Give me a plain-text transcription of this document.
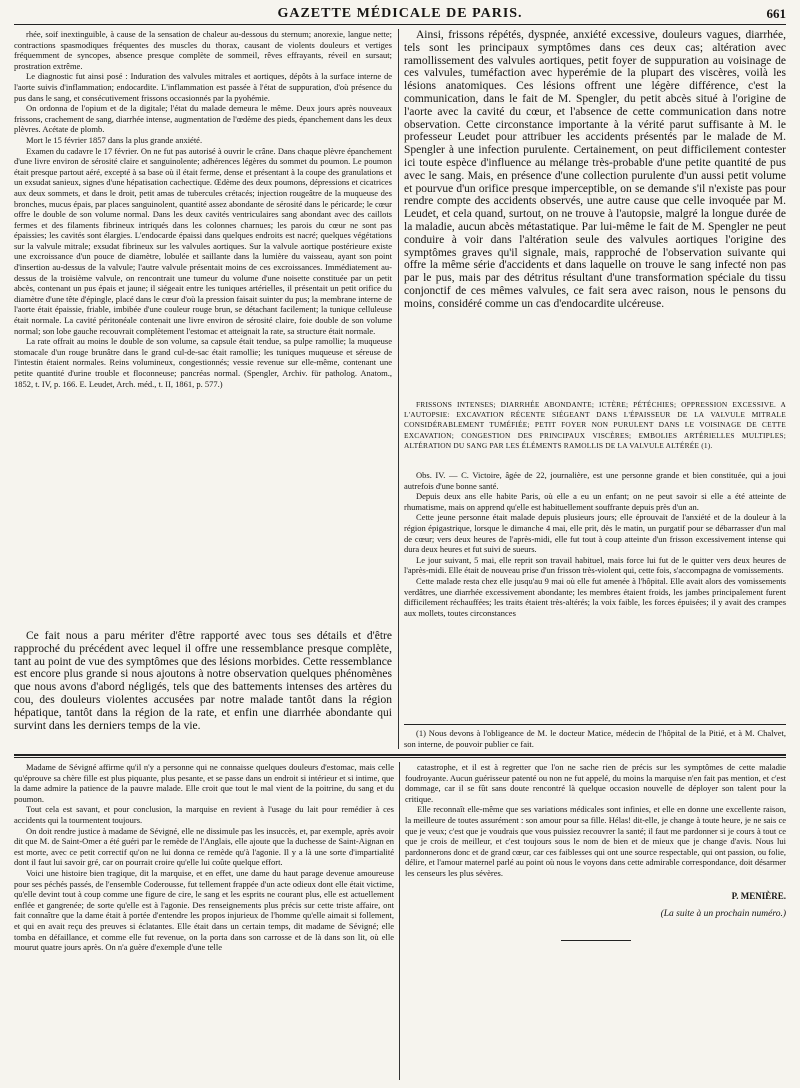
GAZETTE MÉDICALE DE PARIS.	661

rhée, soif inextinguible, à cause de la sensation de chaleur au-dessous du sternum; anorexie, langue nette; contractions spasmodiques fréquentes des muscles du thorax, causant de violents douleurs et vertiges fréquemment de syncopes, absence presque complète de sommeil, rêves effrayants, réveil en sursaut; prostration extrême.

Le diagnostic fut ainsi posé : Induration des valvules mitrales et aortiques, dépôts à la surface interne de l'aorte suivis d'inflammation; endocardite. L'inflammation est passée à l'état de suppuration, d'où présence du pus dans le sang, et consécutivement frissons occasionnés par la pyohémie.

On ordonna de l'opium et de la digitale; l'état du malade demeura le même. Deux jours après nouveaux frissons, crachement de sang, diarrhée intense, augmentation de l'œdème des pieds, épanchement dans les deux plèvres. Acétate de plomb.

Mort le 15 février 1857 dans la plus grande anxiété.

Examen du cadavre le 17 février. On ne fut pas autorisé à ouvrir le crâne. Dans chaque plèvre épanchement d'une livre environ de sérosité claire et sanguinolente; adhérences légères du sommet du poumon. Le poumon était presque partout aéré, excepté à sa base où il était ferme, dense et présentant à la coupe des granulations et un exsudat sanieux, signes d'une hépatisation cachectique. Œdème des deux poumons, dépressions et cicatrices aux deux sommets, et dans le droit, petit amas de tubercules crétacés; injection rougeâtre de la muqueuse des bronches, mucus épais, par places sanguinolent, quantité assez abondante de sérosité dans le péricarde; le cœur offre le double de son volume normal. Dans les deux cavités ventriculaires sang abondant avec des caillots fermes et des filaments fibrineux intriqués dans les colonnes charnues; les parois du cœur ne sont pas épaissies; les cavités sont élargies. L'endocarde épaissi dans quelques endroits est nacré; quelques végétations sur la valvule mitrale; exsudat fibrineux sur les valvules aortiques. Sur la valvule aortique postérieure existe une excroissance d'un pouce de diamètre, lobulée et saillante dans la lumière du vaisseau, ayant son point d'insertion au-dessus de la valvule; l'autre valvule présentait moins de ces excroissances. Immédiatement au-dessus de la troisième valvule, on rencontrait une tumeur du volume d'une noisette constituée par un petit abcès, contenant un pus épais et jaune; il siégeait entre les tuniques artérielles, il présentait un petit orifice du diamètre d'une tête d'épingle, placé dans le cœur d'où la pression faisait suinter du pus; la membrane interne de l'aorte était épaissie, friable, imbibée d'une couleur rouge brun, se détachant facilement; la tunique celluleuse était normale. La cavité péritonéale contenait une livre environ de sérosité claire, foie double de son volume normal; son lobe gauche recouvrait complètement l'estomac et atteignait la rate, sa structure était normale.

La rate offrait au moins le double de son volume, sa capsule était tendue, sa pulpe ramollie; la muqueuse stomacale d'un rouge brunâtre dans le grand cul-de-sac était ramollie; les tuniques muqueuse et séreuse de l'intestin étaient normales. Reins volumineux, congestionnés; vessie revenue sur elle-même, contenant une petite quantité d'urine trouble et floconneuse; pancréas normal. (Spengler, Archiv. für patholog. Anatom., 1852, t. IV, p. 166. E. Leudet, Arch. méd., t. II, 1861, p. 577.)

Ce fait nous a paru mériter d'être rapporté avec tous ses détails et d'être rapproché du précédent avec lequel il offre une ressemblance presque complète, tant au point de vue des symptômes que des lésions morbides. Cette ressemblance est encore plus grande si nous ajoutons à notre observation quelques phénomènes que nous avons d'abord négligés, tels que des battements intenses des artères du cou, des douleurs violentes accusées par notre malade tantôt dans la région hépatique, tantôt dans la région de la rate, et enfin une diarrhée abondante qui survint dans les derniers temps de la vie.

Ainsi, frissons répétés, dyspnée, anxiété excessive, douleurs vagues, diarrhée, tels sont les principaux symptômes dans ces deux cas; altération avec ramollissement des valvules aortiques, petit foyer de suppuration au voisinage de ces valvules, tuméfaction avec hyperémie de la plupart des viscères, voilà les lésions anatomiques. Ces lésions offrent une légère différence, c'est la communication, dans le fait de M. Spengler, du petit abcès situé à l'origine de l'aorte avec la cavité du cœur, et l'absence de cette communication dans notre observation. Cette circonstance importante à la vérité parut suffisante à M. le professeur Leudet pour attribuer les accidents présentés par le malade de M. Spengler à une infection purulente. Certainement, on peut difficilement contester ici toute espèce d'influence au mélange très-probable d'une petite quantité de pus avec le sang. Mais, en présence d'une collection purulente d'un aussi petit volume et pourvue d'un orifice presque imperceptible, on se demande s'il n'existe pas pour rendre compte des accidents observés, une autre cause que celle invoquée par M. Leudet, et cela quand, surtout, on ne trouve à l'autopsie, malgré la longue durée de la maladie, aucun abcès métastatique. Par lui-même le fait de M. Spengler ne peut conduire à voir dans l'altération seule des valvules aortiques l'origine des symptômes graves qu'il signale, mais, rapproché de l'observation suivante qui offre la même série d'accidents et dans laquelle on trouve le sang infecté non pas par le pus, mais par des détritus résultant d'une transformation spéciale du tissu conjonctif de ces mêmes valvules, ce fait sera avec raison, nous le pensons du moins, considéré comme un cas d'endocardite ulcéreuse.

FRISSONS INTENSES; DIARRHÉE ABONDANTE; ICTÈRE; PÉTÉCHIES; OPPRESSION EXCESSIVE. A L'AUTOPSIE: EXCAVATION RÉCENTE SIÉGEANT DANS L'ÉPAISSEUR DE LA VALVULE MITRALE CONSIDÉRABLEMENT TUMÉFIÉE; PETIT FOYER NON PURULENT DANS LE VOISINAGE DE CETTE EXCAVATION; CONGESTION DES PRINCIPAUX VISCÈRES; EMBOLIES ARTÉRIELLES MULTIPLES; ALTÉRATION DU SANG PAR LES ÉLÉMENTS RAMOLLIS DE LA VALVULE ALTÉRÉE (1).

Obs. IV. — C. Victoire, âgée de 22, journalière, est une personne grande et bien constituée, qui a joui autrefois d'une bonne santé.

Depuis deux ans elle habite Paris, où elle a eu un enfant; on ne peut savoir si elle a été atteinte de rhumatisme, mais on apprend qu'elle est habituellement souffrante depuis près d'un an.

Cette jeune personne était malade depuis plusieurs jours; elle éprouvait de l'anxiété et de la douleur à la région épigastrique, lorsque le dimanche 4 mai, elle prit, dès le matin, un purgatif pour se débarrasser d'un mal de cœur; vers deux heures de l'après-midi, elle fut tout à coup atteinte d'un frisson excessivement intense qui dura deux heures et fut suivi de sueurs.

Le jour suivant, 5 mai, elle reprit son travail habituel, mais force lui fut de le quitter vers deux heures de l'après-midi. Elle était de nouveau prise d'un frisson très-violent qui, cette fois, s'accompagna de vomissements.

Cette malade resta chez elle jusqu'au 9 mai où elle fut amenée à l'hôpital. Elle avait alors des vomissements verdâtres, une diarrhée excessivement abondante; les membres étaient froids, les jambes principalement furent difficilement réchauffées; les traits étaient très-altérés; la voix faible, les forces épuisées; il y avait des crampes aux mollets, toutes circonstances

(1) Nous devons à l'obligeance de M. le docteur Matice, médecin de l'hôpital de la Pitié, et à M. Chalvet, son interne, de pouvoir publier ce fait.

Madame de Sévigné affirme qu'il n'y a personne qui ne connaisse quelques douleurs d'estomac, mais celle qu'éprouve sa chère fille est plus piquante, plus pesante, et se passe dans un endroit si intérieur et si intime, que la dame admire la patience de la pauvre malade. Elle croit que tout le mal vient de la poitrine, du sang et du poumon.

Tout cela est savant, et pour conclusion, la marquise en revient à l'usage du lait pour remédier à ces accidents qui la tourmentent toujours.

On doit rendre justice à madame de Sévigné, elle ne dissimule pas les insuccès, et, par exemple, après avoir dit que M. de Saint-Omer a été guéri par le remède de l'Anglais, elle ajoute que la duchesse de Saint-Aignan en est morte, avec ce petit correctif qu'on ne lui donna ce remède qu'à l'agonie. Il y a là une sorte d'impartialité dont il faut lui savoir gré, car on pourrait croire qu'elle lui coûte quelque effort.

Voici une histoire bien tragique, dit la marquise, et en effet, une dame du haut parage devenue amoureuse pour ses péchés passés, de l'ensemble Coderousse, fut tellement frappée d'un acte odieux dont elle était victime, qu'elle devint tout à coup comme une figure de cire, le sang et les esprits ne courant plus, elle est actuellement enflée et gangrenée; de sorte qu'elle est à l'agonie. Des renseignements plus précis sur cette triste affaire, ont fait connaître que la dame était à portée d'entendre les propos injurieux de l'homme qu'elle aimait si follement, et qui en avait reçu des preuves si éclatantes. Elle était dans un certain temps, dit madame de Sévigné; elle tomba en défaillance, et comme elle fut revenue, on la porta dans son carrosse et de là dans son lit, où elle mourut quatre jours après. On n'a guère d'exemple d'une telle

catastrophe, et il est à regretter que l'on ne sache rien de précis sur les symptômes de cette maladie foudroyante. Aucun guérisseur patenté ou non ne fut appelé, du moins la marquise n'en fait pas mention, et c'est dommage, car il se fût sans doute rencontré là quelque occasion nouvelle de déployer son talent pour la critique.

Elle reconnaît elle-même que ses variations médicales sont infinies, et elle en donne une excellente raison, la meilleure de toutes assurément : son amour pour sa fille. Hélas! dit-elle, je change à toute heure, je ne sais ce que je veux; c'est que je voudrais que vous puissiez recouvrer la santé; il faut me pardonner si je cours à tout ce que je crois de meilleur, et c'est toujours sous le nom de bien et de mieux que je change d'avis. Nous lui pardonnerons donc et de grand cœur, car ces faiblesses qui ont une source respectable, qui ont passion, ou folie, délire, et l'amour maternel parlé au point où nous le voyons dans cette admirable correspondance, doit désarmer les censeurs les plus sévères.

P. MENIÈRE.

(La suite à un prochain numéro.)
